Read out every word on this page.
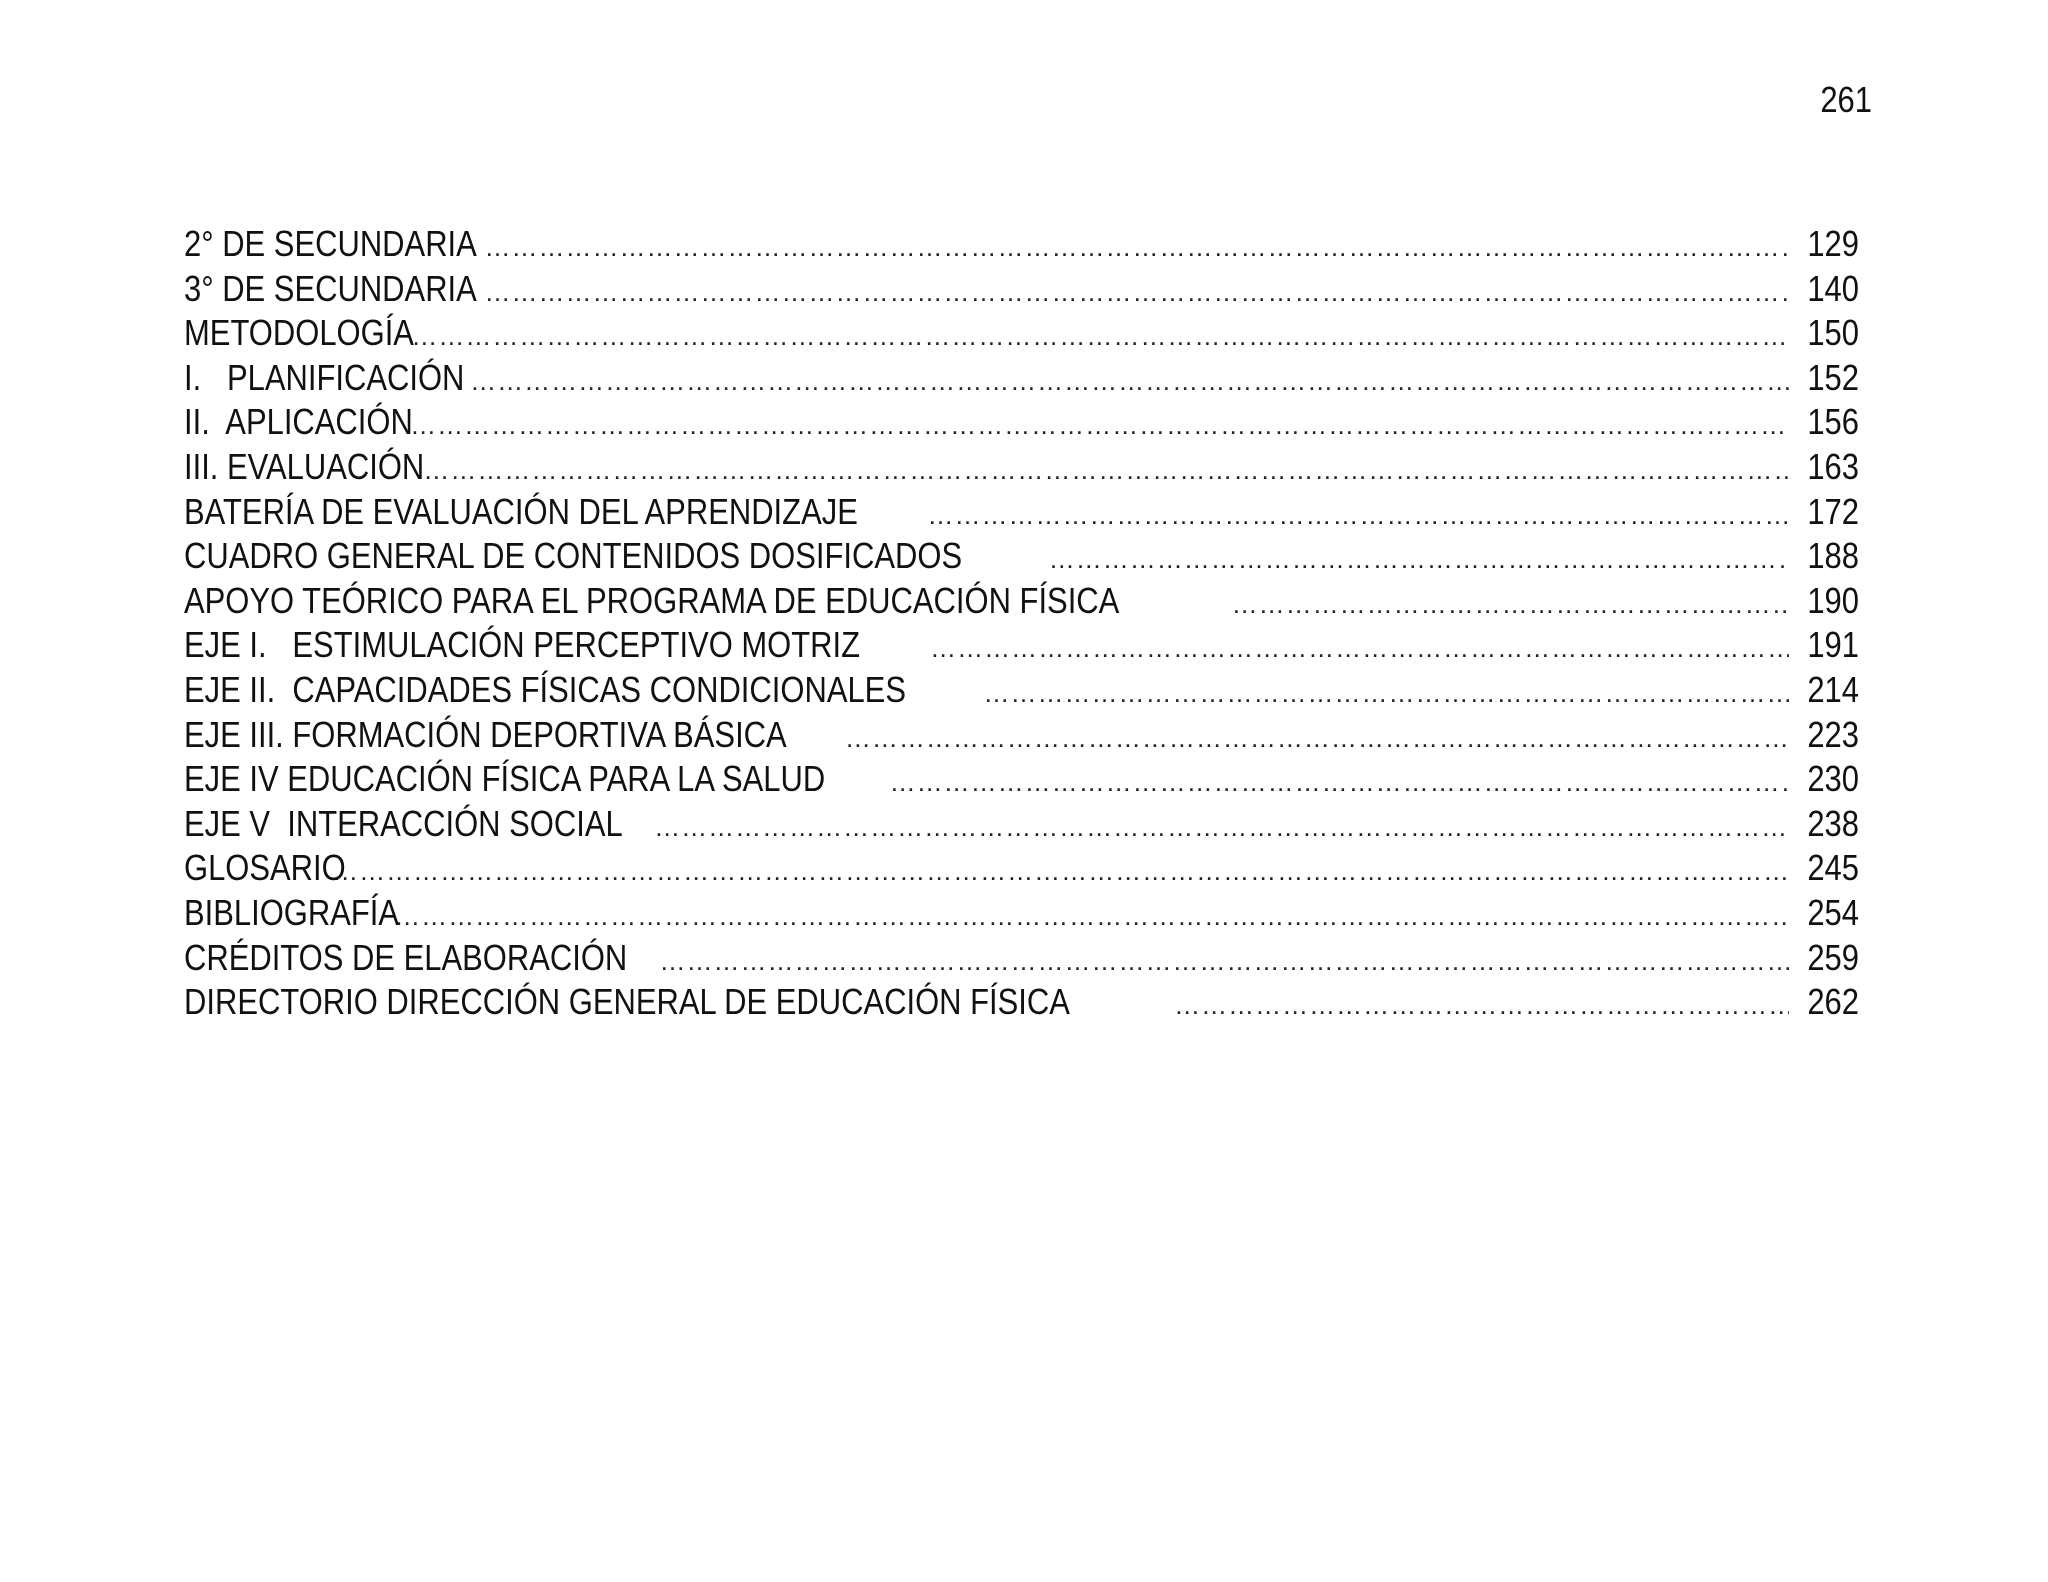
261
2° DE SECUNDARIA …………………………………………………………………………………………………………………………………………………………………………………………………………………………………………	129
3° DE SECUNDARIA …………………………………………………………………………………………………………………………………………………………………………………………………………………………………………	140
METODOLOGÍA …………………………………………………………………………………………………………………………………………………………………………………………………………………………………………	150
I.   PLANIFICACIÓN …………………………………………………………………………………………………………………………………………………………………………………………………………………………………………	152
II.  APLICACIÓN …………………………………………………………………………………………………………………………………………………………………………………………………………………………………………	156
III. EVALUACIÓN …………………………………………………………………………………………………………………………………………………………………………………………………………………………………………	163
BATERÍA DE EVALUACIÓN DEL APRENDIZAJE …………………………………………………………………………………………………………………………………………………………………………………………………………………………………………	172
CUADRO GENERAL DE CONTENIDOS DOSIFICADOS …………………………………………………………………………………………………………………………………………………………………………………………………………………………………………	188
APOYO TEÓRICO PARA EL PROGRAMA DE EDUCACIÓN FÍSICA …………………………………………………………………………………………………………………………………………………………………………………………………………………………………………	190
EJE I.   ESTIMULACIÓN PERCEPTIVO MOTRIZ …………………………………………………………………………………………………………………………………………………………………………………………………………………………………………	191
EJE II.  CAPACIDADES FÍSICAS CONDICIONALES …………………………………………………………………………………………………………………………………………………………………………………………………………………………………………	214
EJE III. FORMACIÓN DEPORTIVA BÁSICA …………………………………………………………………………………………………………………………………………………………………………………………………………………………………………	223
EJE IV EDUCACIÓN FÍSICA PARA LA SALUD …………………………………………………………………………………………………………………………………………………………………………………………………………………………………………	230
EJE V  INTERACCIÓN SOCIAL …………………………………………………………………………………………………………………………………………………………………………………………………………………………………………	238
GLOSARIO …………………………………………………………………………………………………………………………………………………………………………………………………………………………………………	245
BIBLIOGRAFÍA …………………………………………………………………………………………………………………………………………………………………………………………………………………………………………	254
CRÉDITOS DE ELABORACIÓN …………………………………………………………………………………………………………………………………………………………………………………………………………………………………………	259
DIRECTORIO DIRECCIÓN GENERAL DE EDUCACIÓN FÍSICA …………………………………………………………………………………………………………………………………………………………………………………………………………………………………………	262
